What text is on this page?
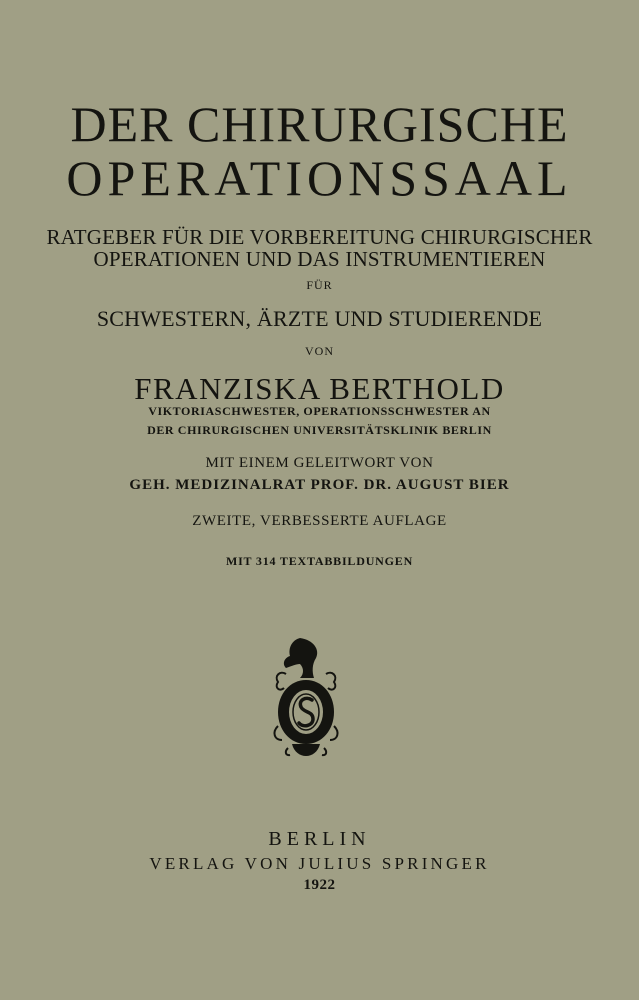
DER CHIRURGISCHE
OPERATIONSSAAL
RATGEBER FÜR DIE VORBEREITUNG CHIRURGISCHER
OPERATIONEN UND DAS INSTRUMENTIEREN
FÜR
SCHWESTERN, ÄRZTE UND STUDIERENDE
VON
FRANZISKA BERTHOLD
VIKTORIASCHWESTER, OPERATIONSSCHWESTER AN
DER CHIRURGISCHEN UNIVERSITÄTSKLINIK BERLIN
MIT EINEM GELEITWORT VON
GEH. MEDIZINALRAT PROF. DR. AUGUST BIER
ZWEITE, VERBESSERTE AUFLAGE
MIT 314 TEXTABBILDUNGEN
BERLIN
VERLAG VON JULIUS SPRINGER
1922
